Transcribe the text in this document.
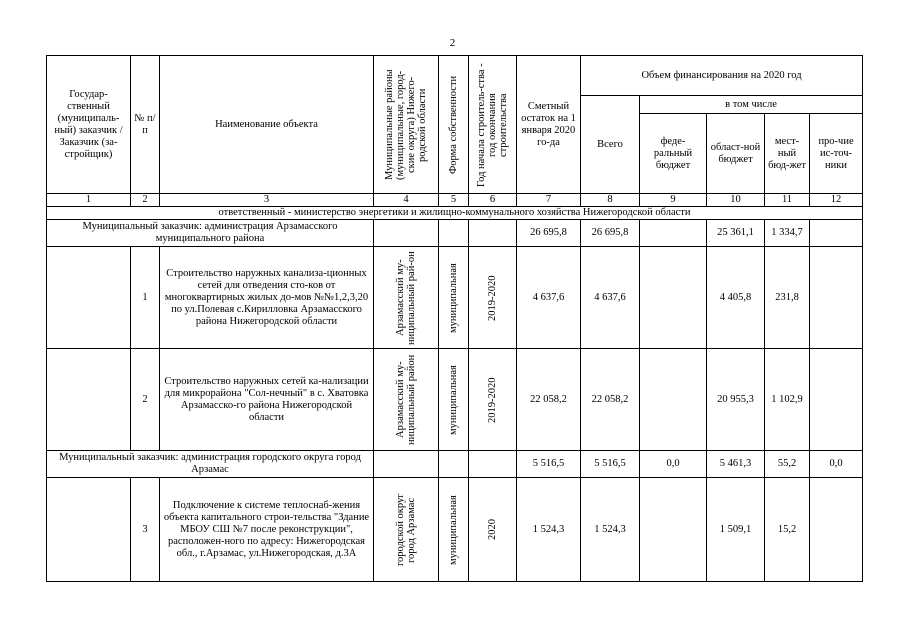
2
Государ-ственный (муниципаль-ный) заказчик /Заказчик (за-стройщик)	№ п/п	Наименование объекта	Муниципальные районы (муниципальные, город-ские округа) Нижего-родской области	Форма собственности	Год начала строитель-ства - год окончания строительства	Сметный остаток на 1 января 2020 го-да	Объем финансирования на 2020 год				
							Всего	в том числе			
								феде-ральный бюджет	област-ной бюджет	мест-ный бюд-жет	про-чие ис-точ-ники
1	2	3	4	5	6	7	8	9	10	11	12
ответственный - министерство энергетики и жилищно-коммунального хозяйства Нижегородской области											
Муниципальный заказчик: администрация Арзамасского муниципального района						26 695,8	26 695,8		25 361,1	1 334,7	
	1	Строительство наружных канализа-ционных сетей для отведения сто-ков от многоквартирных жилых до-мов №№1,2,3,20 по ул.Полевая с.Кирилловка Арзамасского района Нижегородской области	Арзамасский му-ниципальный рай-он	муниципальная	2019-2020	4 637,6	4 637,6		4 405,8	231,8	
	2	Строительство наружных сетей ка-нализации для микрорайона "Сол-нечный" в с. Хватовка Арзамасско-го района Нижегородской области	Арзамасский му-ниципальный район	муниципальная	2019-2020	22 058,2	22 058,2		20 955,3	1 102,9	
Муниципальный заказчик: администрация городского округа город Арзамас						5 516,5	5 516,5	0,0	5 461,3	55,2	0,0
	3	Подключение к системе теплоснаб-жения объекта капитального строи-тельства "Здание МБОУ СШ №7 после реконструкции", расположен-ного по адресу: Нижегородская обл., г.Арзамас, ул.Нижегородская, д.3А	городской округ город Арзамас	муниципальная	2020	1 524,3	1 524,3		1 509,1	15,2	
